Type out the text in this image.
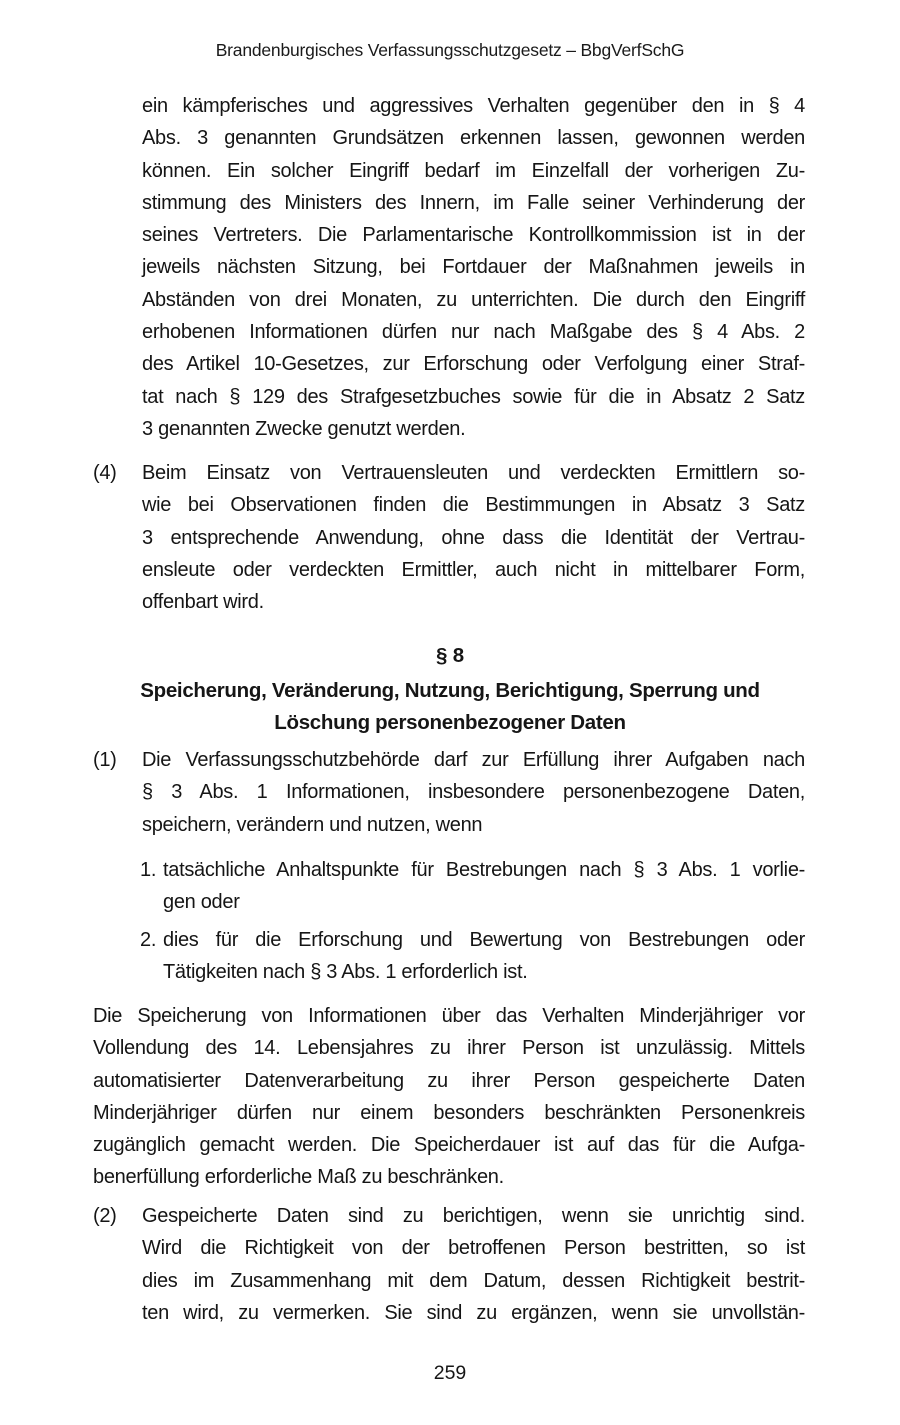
Brandenburgisches Verfassungsschutzgesetz – BbgVerfSchG
ein kämpferisches und aggressives Verhalten gegenüber den in § 4
Abs. 3 genannten Grundsätzen erkennen lassen, gewonnen werden
können. Ein solcher Eingriff bedarf im Einzelfall der vorherigen Zu-
stimmung des Ministers des Innern, im Falle seiner Verhinderung der
seines Vertreters. Die Parlamentarische Kontrollkommission ist in der
jeweils nächsten Sitzung, bei Fortdauer der Maßnahmen jeweils in
Abständen von drei Monaten, zu unterrichten. Die durch den Eingriff
erhobenen Informationen dürfen nur nach Maßgabe des § 4 Abs. 2
des Artikel 10-Gesetzes, zur Erforschung oder Verfolgung einer Straf-
tat nach § 129 des Strafgesetzbuches sowie für die in Absatz 2 Satz
3 genannten Zwecke genutzt werden.
(4) Beim Einsatz von Vertrauensleuten und verdeckten Ermittlern so-
wie bei Observationen finden die Bestimmungen in Absatz 3 Satz
3 entsprechende Anwendung, ohne dass die Identität der Vertrau-
ensleute oder verdeckten Ermittler, auch nicht in mittelbarer Form,
offenbart wird.
§ 8
Speicherung, Veränderung, Nutzung, Berichtigung, Sperrung und
Löschung personenbezogener Daten
(1) Die Verfassungsschutzbehörde darf zur Erfüllung ihrer Aufgaben nach
§ 3 Abs. 1 Informationen, insbesondere personenbezogene Daten,
speichern, verändern und nutzen, wenn
1. tatsächliche Anhaltspunkte für Bestrebungen nach § 3 Abs. 1 vorlie-
gen oder
2. dies für die Erforschung und Bewertung von Bestrebungen oder
Tätigkeiten nach § 3 Abs. 1 erforderlich ist.
Die Speicherung von Informationen über das Verhalten Minderjähriger vor
Vollendung des 14. Lebensjahres zu ihrer Person ist unzulässig. Mittels
automatisierter Datenverarbeitung zu ihrer Person gespeicherte Daten
Minderjähriger dürfen nur einem besonders beschränkten Personenkreis
zugänglich gemacht werden. Die Speicherdauer ist auf das für die Aufga-
benerfüllung erforderliche Maß zu beschränken.
(2) Gespeicherte Daten sind zu berichtigen, wenn sie unrichtig sind.
Wird die Richtigkeit von der betroffenen Person bestritten, so ist
dies im Zusammenhang mit dem Datum, dessen Richtigkeit bestrit-
ten wird, zu vermerken. Sie sind zu ergänzen, wenn sie unvollstän-
259
